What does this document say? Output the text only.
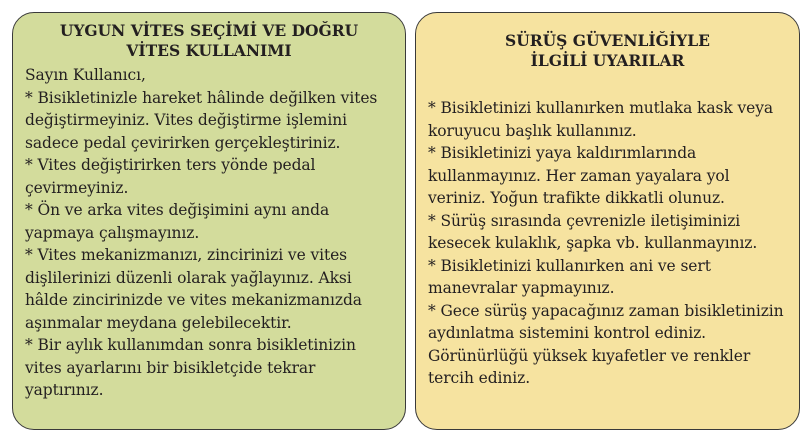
UYGUN VİTES SEÇİMİ VE DOĞRU VİTES KULLANIMI

Sayın Kullanıcı,

* Bisikletinizle hareket hâlinde değilken vites değiştirmeyiniz. Vites değiştirme işlemini sadece pedal çevirirken gerçekleştiriniz.

* Vites değiştirirken ters yönde pedal çevirmeyiniz.

* Ön ve arka vites değişimini aynı anda yapmaya çalışmayınız.

* Vites mekanizmanızı, zincirinizi ve vites dişlilerinizi düzenli olarak yağlayınız. Aksi hâlde zincirinizde ve vites mekanizmanızda aşınmalar meydana gelebilecektir.

* Bir aylık kullanımdan sonra bisikletinizin vites ayarlarını bir bisikletçide tekrar yaptırınız.

SÜRÜŞ GÜVENLİĞİYLE İLGİLİ UYARILAR

* Bisikletinizi kullanırken mutlaka kask veya koruyucu başlık kullanınız.

* Bisikletinizi yaya kaldırımlarında kullanmayınız. Her zaman yayalara yol veriniz. Yoğun trafikte dikkatli olunuz.

* Sürüş sırasında çevrenizle iletişiminizi kesecek kulaklık, şapka vb. kullanmayınız.

* Bisikletinizi kullanırken ani ve sert manevralar yapmayınız.

* Gece sürüş yapacağınız zaman bisikletinizin aydınlatma sistemini kontrol ediniz. Görünürlüğü yüksek kıyafetler ve renkler tercih ediniz.
